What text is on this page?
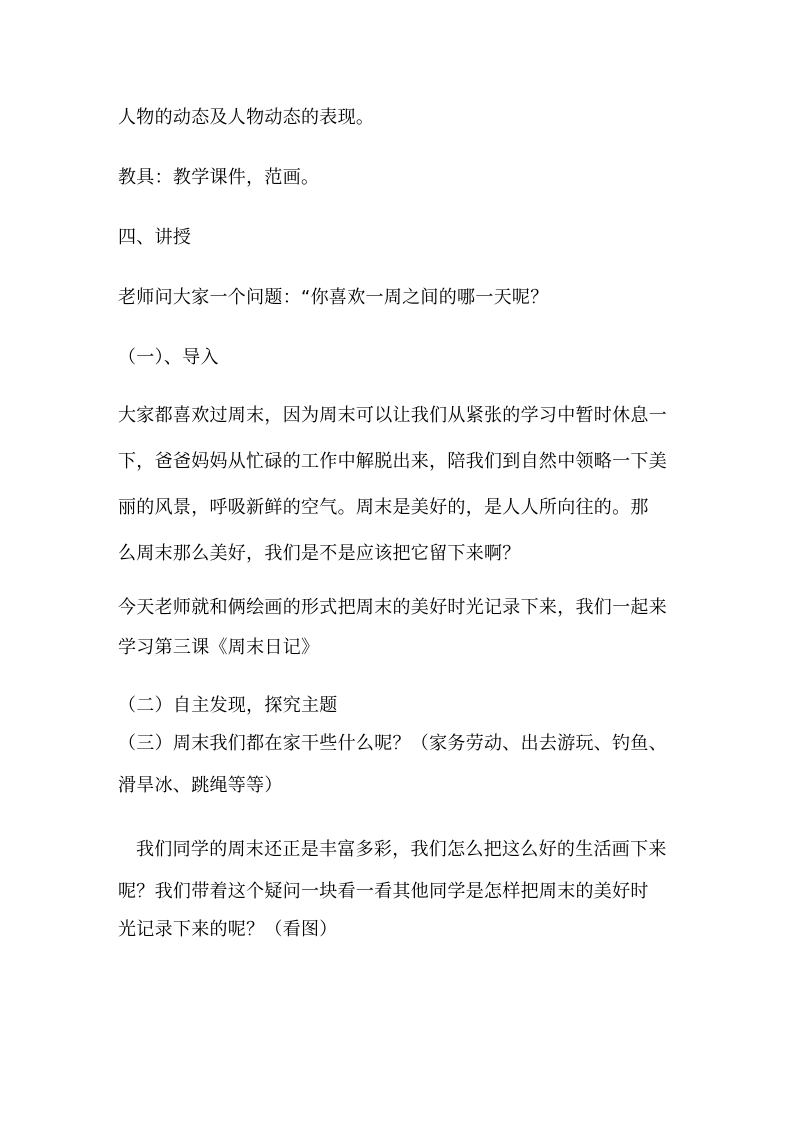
人物的动态及人物动态的表现。

教具：教学课件，范画。

四、讲授

老师问大家一个问题：“你喜欢一周之间的哪一天呢？

（一）、导入

大家都喜欢过周末，因为周末可以让我们从紧张的学习中暂时休息一

下，爸爸妈妈从忙碌的工作中解脱出来，陪我们到自然中领略一下美

丽的风景，呼吸新鲜的空气。周末是美好的，是人人所向往的。那

么周末那么美好，我们是不是应该把它留下来啊？

今天老师就和俩绘画的形式把周末的美好时光记录下来，我们一起来

学习第三课《周末日记》

（二）自主发现，探究主题

（三）周末我们都在家干些什么呢？（家务劳动、出去游玩、钓鱼、

滑旱冰、跳绳等等）

我们同学的周末还正是丰富多彩，我们怎么把这么好的生活画下来

呢？我们带着这个疑问一块看一看其他同学是怎样把周末的美好时

光记录下来的呢？（看图）
